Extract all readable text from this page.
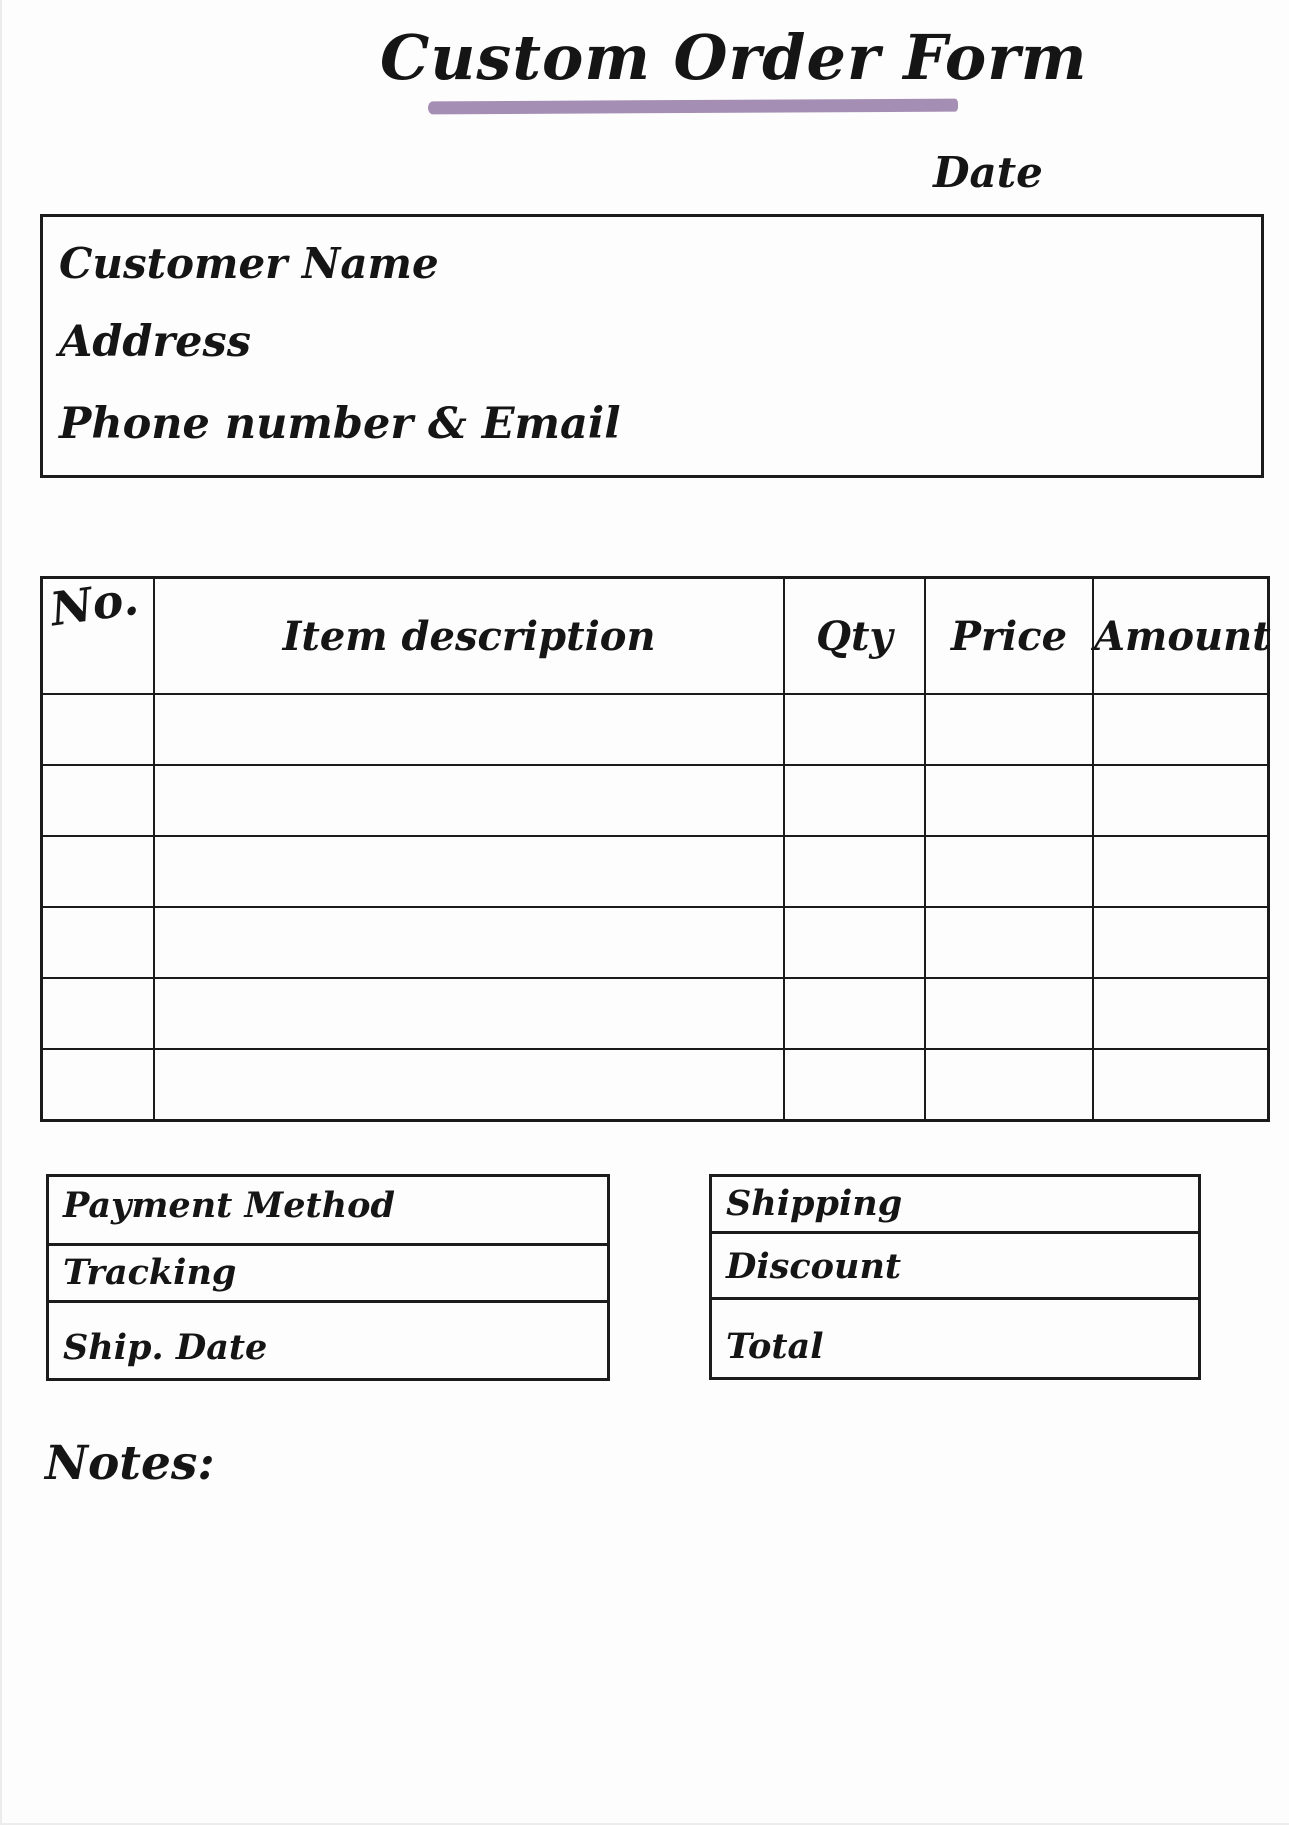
Custom Order Form
Date
Customer Name
Address
Phone number & Email
No.	Item description	Qty	Price	Amount

Payment Method
Tracking
Ship. Date
Shipping
Discount
Total
Notes:
